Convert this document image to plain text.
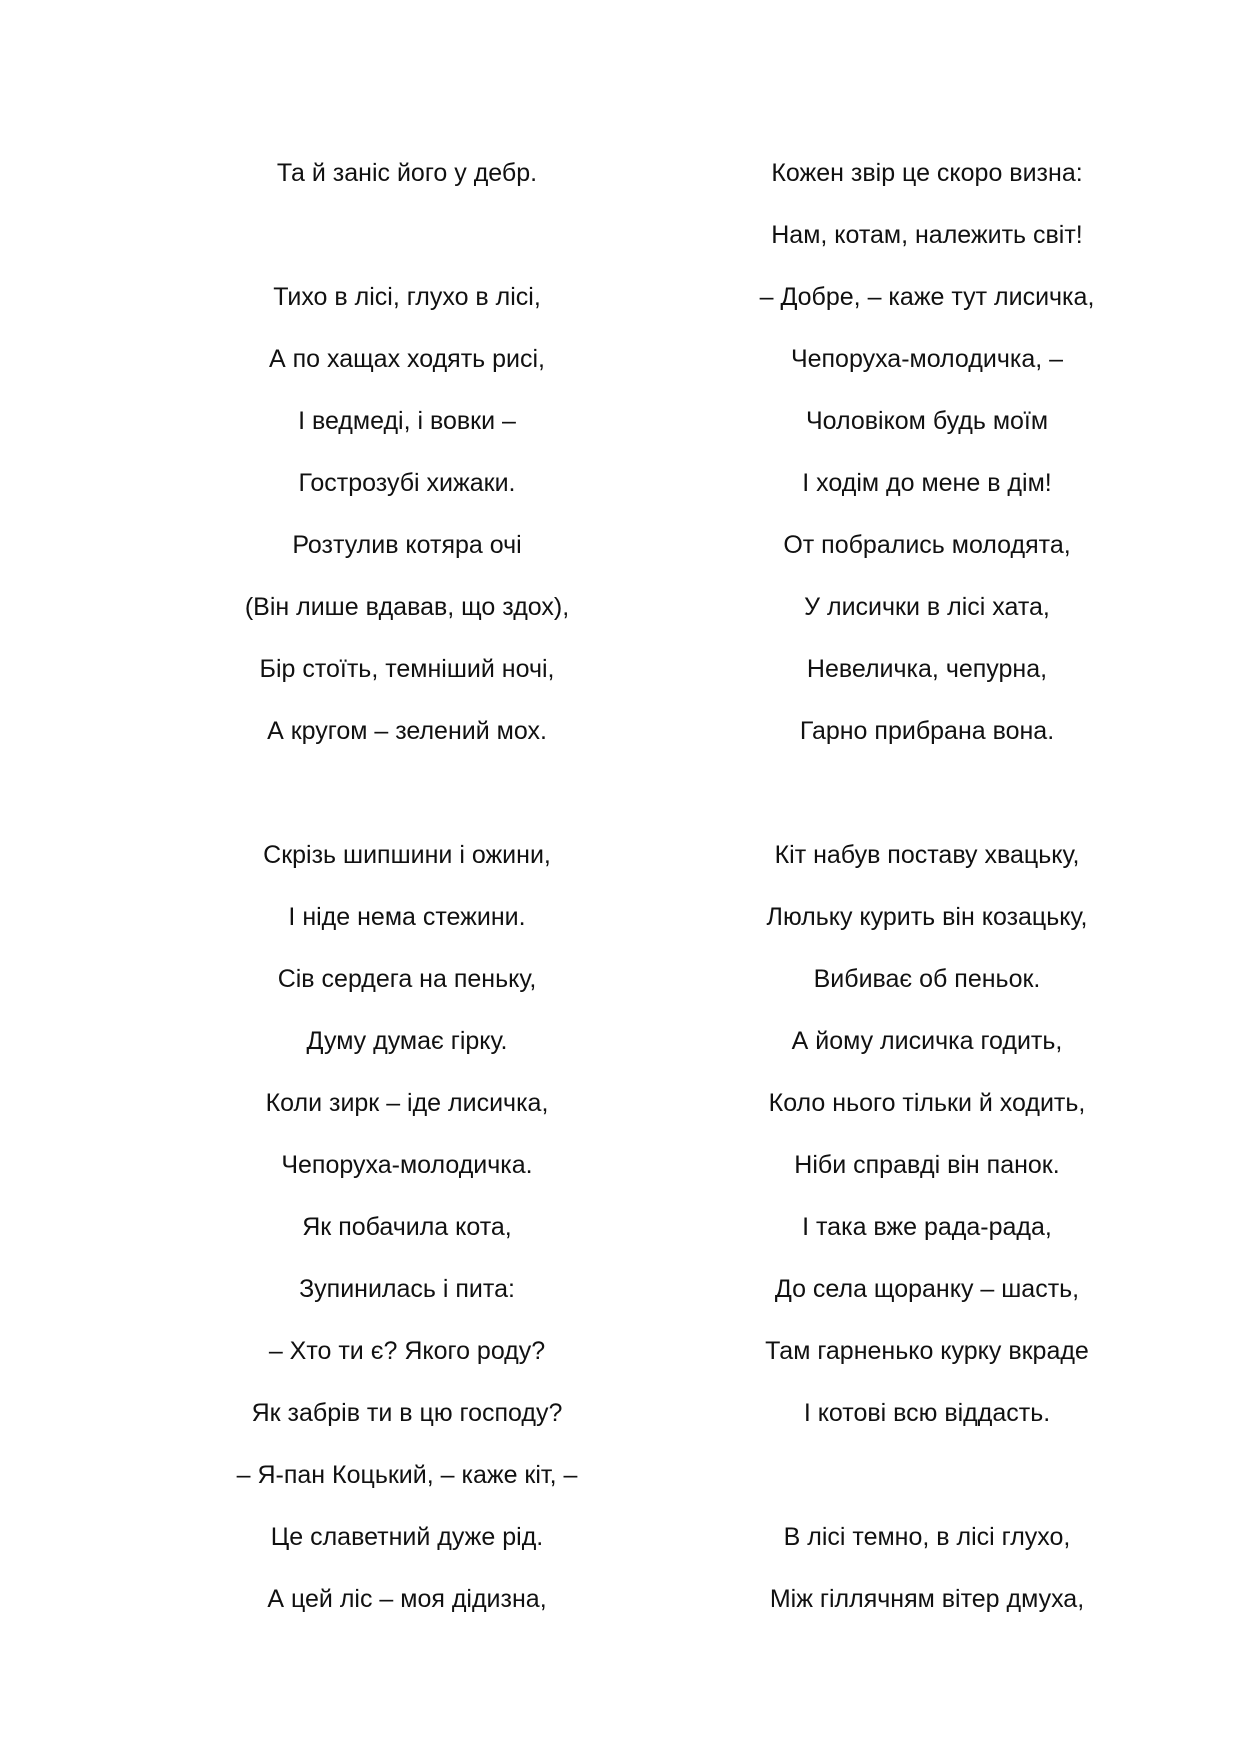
Та й заніс його у дебр.
Тихо в лісі, глухо в лісі,
А по хащах ходять рисі,
І ведмеді, і вовки –
Гострозубі хижаки.
Розтулив котяра очі
(Він лише вдавав, що здох),
Бір стоїть, темніший ночі,
А кругом – зелений мох.
Скрізь шипшини і ожини,
І ніде нема стежини.
Сів сердега на пеньку,
Думу думає гірку.
Коли зирк – іде лисичка,
Чепоруха-молодичка.
Як побачила кота,
Зупинилась і пита:
– Хто ти є? Якого роду?
Як забрів ти в цю господу?
– Я-пан Коцький, – каже кіт, –
Це славетний дуже рід.
А цей ліс – моя дідизна,
Кожен звір це скоро визна:
Нам, котам, належить світ!
– Добре, – каже тут лисичка,
Чепоруха-молодичка, –
Чоловіком будь моїм
І ходім до мене в дім!
От побрались молодята,
У лисички в лісі хата,
Невеличка, чепурна,
Гарно прибрана вона.
Кіт набув поставу хвацьку,
Люльку курить він козацьку,
Вибиває об пеньок.
А йому лисичка годить,
Коло нього тільки й ходить,
Ніби справді він панок.
І така вже рада-рада,
До села щоранку – шасть,
Там гарненько курку вкраде
І котові всю віддасть.
В лісі темно, в лісі глухо,
Між гіллячням вітер дмуха,
